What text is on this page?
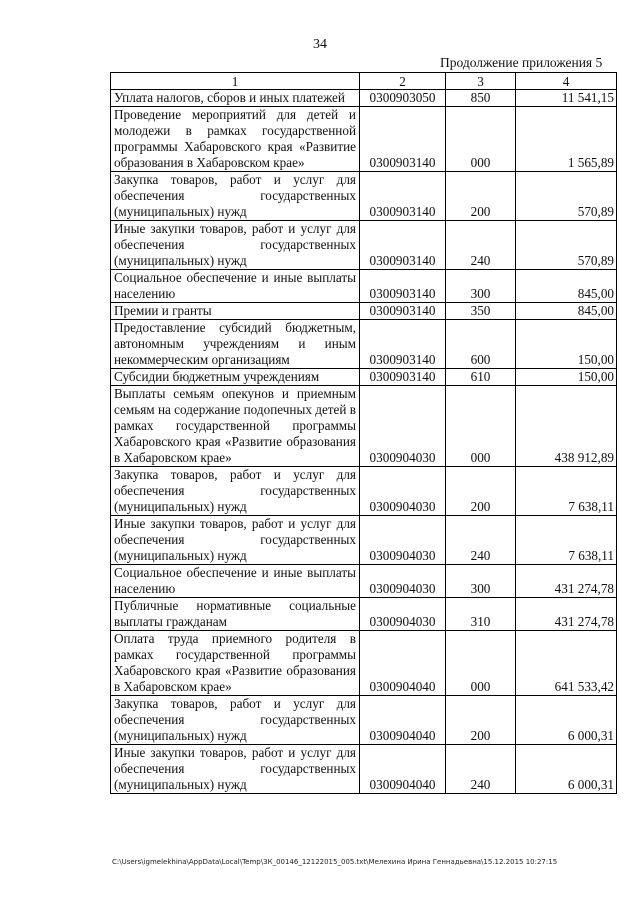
34
Продолжение приложения 5
1	2	3	4
Уплата налогов, сборов и иных платежей	0300903050	850	11 541,15
Проведение мероприятий для детей и молодежи в рамках государственной программы Хабаровского края «Развитие образования в Хабаровском крае»	0300903140	000	1 565,89
Закупка товаров, работ и услуг для обеспечения государственных (муниципальных) нужд	0300903140	200	570,89
Иные закупки товаров, работ и услуг для обеспечения государственных (муниципальных) нужд	0300903140	240	570,89
Социальное обеспечение и иные выплаты населению	0300903140	300	845,00
Премии и гранты	0300903140	350	845,00
Предоставление субсидий бюджетным, автономным учреждениям и иным некоммерческим организациям	0300903140	600	150,00
Субсидии бюджетным учреждениям	0300903140	610	150,00
Выплаты семьям опекунов и приемным семьям на содержание подопечных детей в рамках государственной программы Хабаровского края «Развитие образования в Хабаровском крае»	0300904030	000	438 912,89
Закупка товаров, работ и услуг для обеспечения государственных (муниципальных) нужд	0300904030	200	7 638,11
Иные закупки товаров, работ и услуг для обеспечения государственных (муниципальных) нужд	0300904030	240	7 638,11
Социальное обеспечение и иные выплаты населению	0300904030	300	431 274,78
Публичные нормативные социальные выплаты гражданам	0300904030	310	431 274,78
Оплата труда приемного родителя в рамках государственной программы Хабаровского края «Развитие образования в Хабаровском крае»	0300904040	000	641 533,42
Закупка товаров, работ и услуг для обеспечения государственных (муниципальных) нужд	0300904040	200	6 000,31
Иные закупки товаров, работ и услуг для обеспечения государственных (муниципальных) нужд	0300904040	240	6 000,31
C:\Users\igmelekhina\AppData\Local\Temp\ЗК_00146_12122015_005.txt\Мелехина Ирина Геннадьевна\15.12.2015 10:27:15
